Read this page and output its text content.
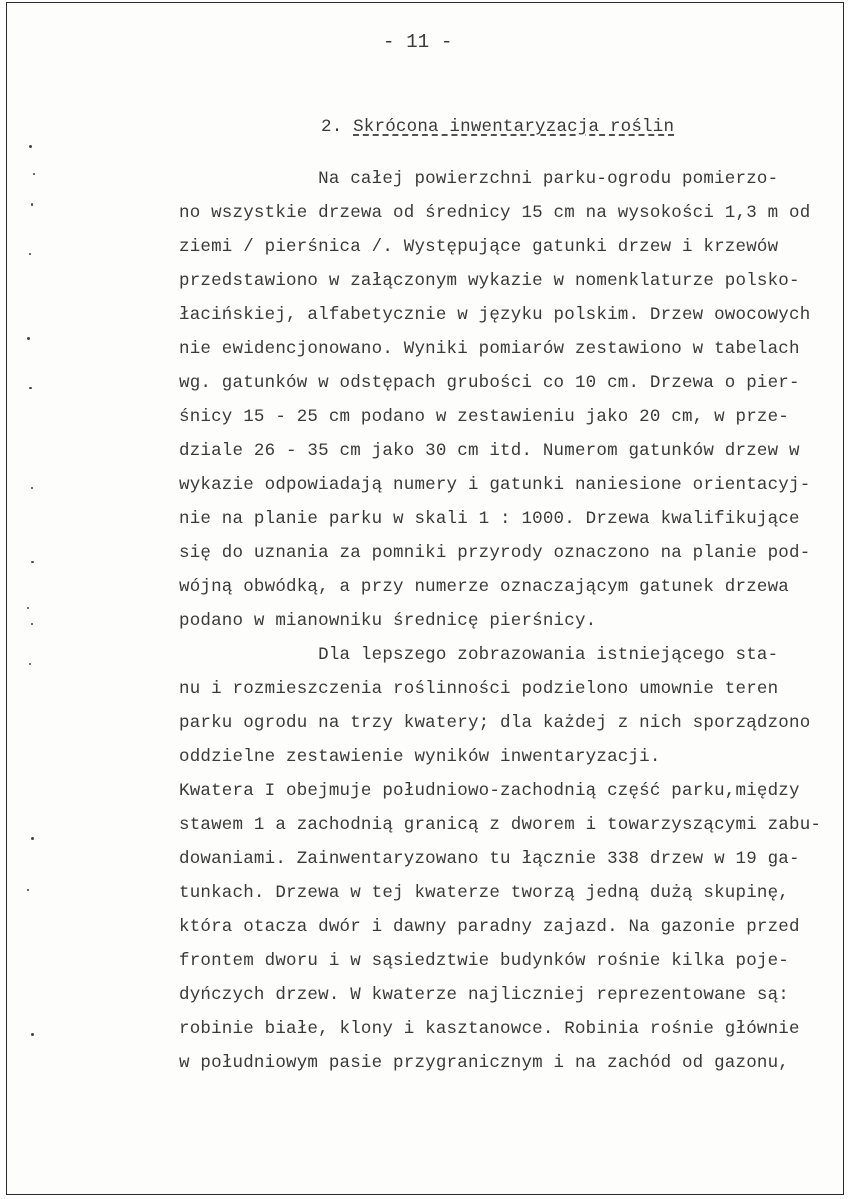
- 11 -
2. Skrócona inwentaryzacja roślin
Na całej powierzchni parku-ogrodu pomierzo-
no wszystkie drzewa od średnicy 15 cm na wysokości 1,3 m od
ziemi / pierśnica /. Występujące gatunki drzew i krzewów
przedstawiono w załączonym wykazie w nomenklaturze polsko-
łacińskiej, alfabetycznie w języku polskim. Drzew owocowych
nie ewidencjonowano. Wyniki pomiarów zestawiono w tabelach
wg. gatunków w odstępach grubości co 10 cm. Drzewa o pier-
śnicy 15 - 25 cm podano w zestawieniu jako 20 cm, w prze-
dziale 26 - 35 cm jako 30 cm itd. Numerom gatunków drzew w
wykazie odpowiadają numery i gatunki naniesione orientacyj-
nie na planie parku w skali 1 : 1000. Drzewa kwalifikujące
się do uznania za pomniki przyrody oznaczono na planie pod-
wójną obwódką, a przy numerze oznaczającym gatunek drzewa
podano w mianowniku średnicę pierśnicy.
Dla lepszego zobrazowania istniejącego sta-
nu i rozmieszczenia roślinności podzielono umownie teren
parku ogrodu na trzy kwatery; dla każdej z nich sporządzono
oddzielne zestawienie wyników inwentaryzacji.
Kwatera I obejmuje południowo-zachodnią część parku,między
stawem 1 a zachodnią granicą z dworem i towarzyszącymi zabu-
dowaniami. Zainwentaryzowano tu łącznie 338 drzew w 19 ga-
tunkach. Drzewa w tej kwaterze tworzą jedną dużą skupinę,
która otacza dwór i dawny paradny zajazd. Na gazonie przed
frontem dworu i w sąsiedztwie budynków rośnie kilka poje-
dyńczych drzew. W kwaterze najliczniej reprezentowane są:
robinie białe, klony i kasztanowce. Robinia rośnie głównie
w południowym pasie przygranicznym i na zachód od gazonu,
